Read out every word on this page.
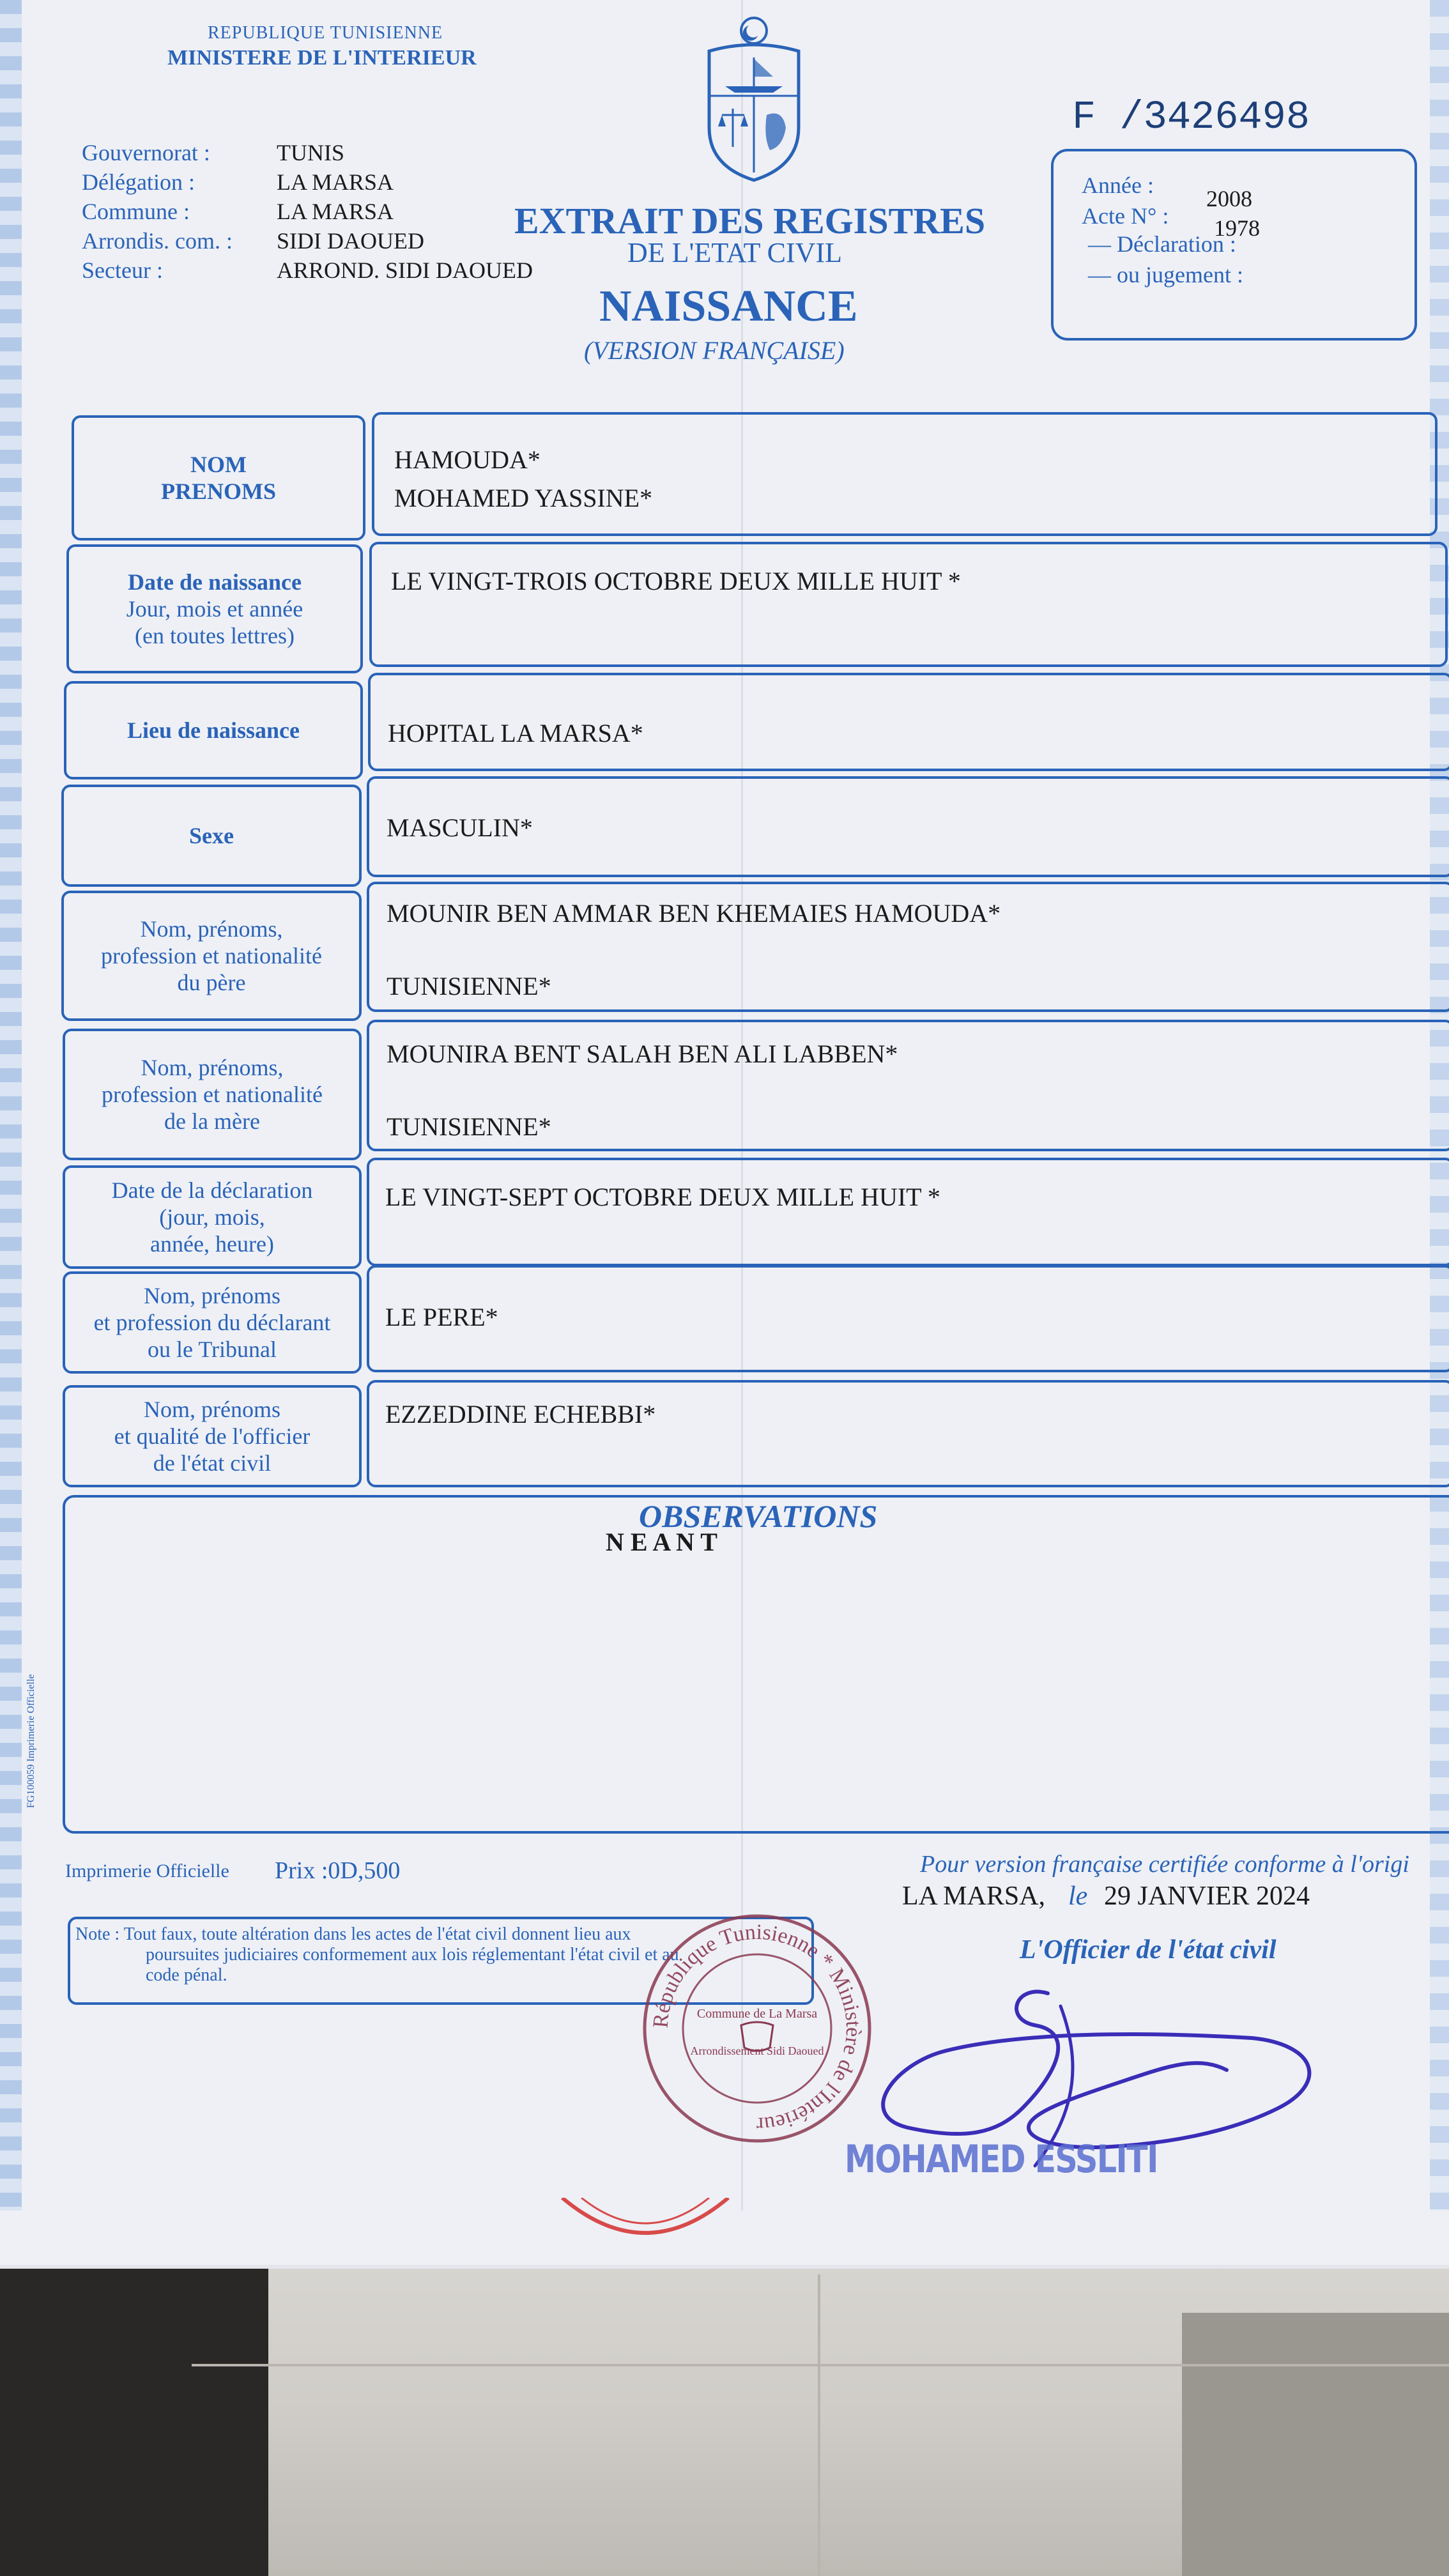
REPUBLIQUE TUNISIENNE
MINISTERE DE L'INTERIEUR
F /3426498
Gouvernorat :	TUNIS
Délégation :	LA MARSA
Commune :	LA MARSA
Arrondis. com. :	SIDI DAOUED
Secteur :	ARROND. SIDI DAOUED
EXTRAIT DES REGISTRES
DE L'ETAT CIVIL
NAISSANCE
(VERSION FRANÇAISE)
Année :
2008
Acte N° : 1978
— Déclaration :
— ou jugement :
NOM
PRENOMS
HAMOUDA*
MOHAMED YASSINE*
Date de naissance
Jour, mois et année
(en toutes lettres)
LE VINGT-TROIS OCTOBRE DEUX MILLE HUIT *
Lieu de naissance	HOPITAL LA MARSA*
Sexe	MASCULIN*
Nom, prénoms,
profession et nationalité
du père
MOUNIR BEN AMMAR BEN KHEMAIES HAMOUDA*
TUNISIENNE*
Nom, prénoms,
profession et nationalité
de la mère
MOUNIRA BENT SALAH BEN ALI LABBEN*
TUNISIENNE*
Date de la déclaration
(jour, mois,
année, heure)
LE VINGT-SEPT OCTOBRE DEUX MILLE HUIT *
Nom, prénoms
et profession du déclarant
ou le Tribunal
LE PERE*
Nom, prénoms
et qualité de l'officier
de l'état civil
EZZEDDINE ECHEBBI*
OBSERVATIONS
N E A N T
FG100059 Imprimerie Officielle
Imprimerie Officielle Prix :0D,500	Pour version française certifiée conforme à l'origi
LA MARSA, le 29 JANVIER 2024
L'Officier de l'état civil
Note : Tout faux, toute altération dans les actes de l'état civil donnent lieu aux
poursuites judiciaires conformement aux lois réglementant l'état civil et au
code pénal.
République Tunisienne * Ministère de l'Intérieur
Commune de La Marsa
Arrondissement Sidi Daoued
MOHAMED ESSLITI
